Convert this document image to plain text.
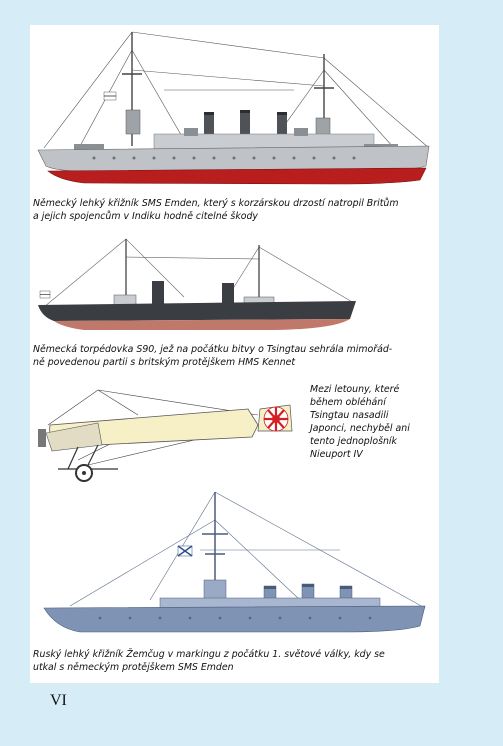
Německý lehký křižník SMS Emden, který s korzárskou drzostí natropil Britům
a jejich spojencům v Indiku hodně citelné škody

Německá torpédovka S90, jež na počátku bitvy o Tsingtau sehrála mimořád-
ně povedenou partii s britským protějškem HMS Kennet

Mezi letouny, které
během obléhání
Tsingtau nasadili
Japonci, nechyběl ani
tento jednoplošník
Nieuport IV

Ruský lehký křižník Žemčug v markingu z počátku 1. světové války, kdy se
utkal s německým protějškem SMS Emden

VI
